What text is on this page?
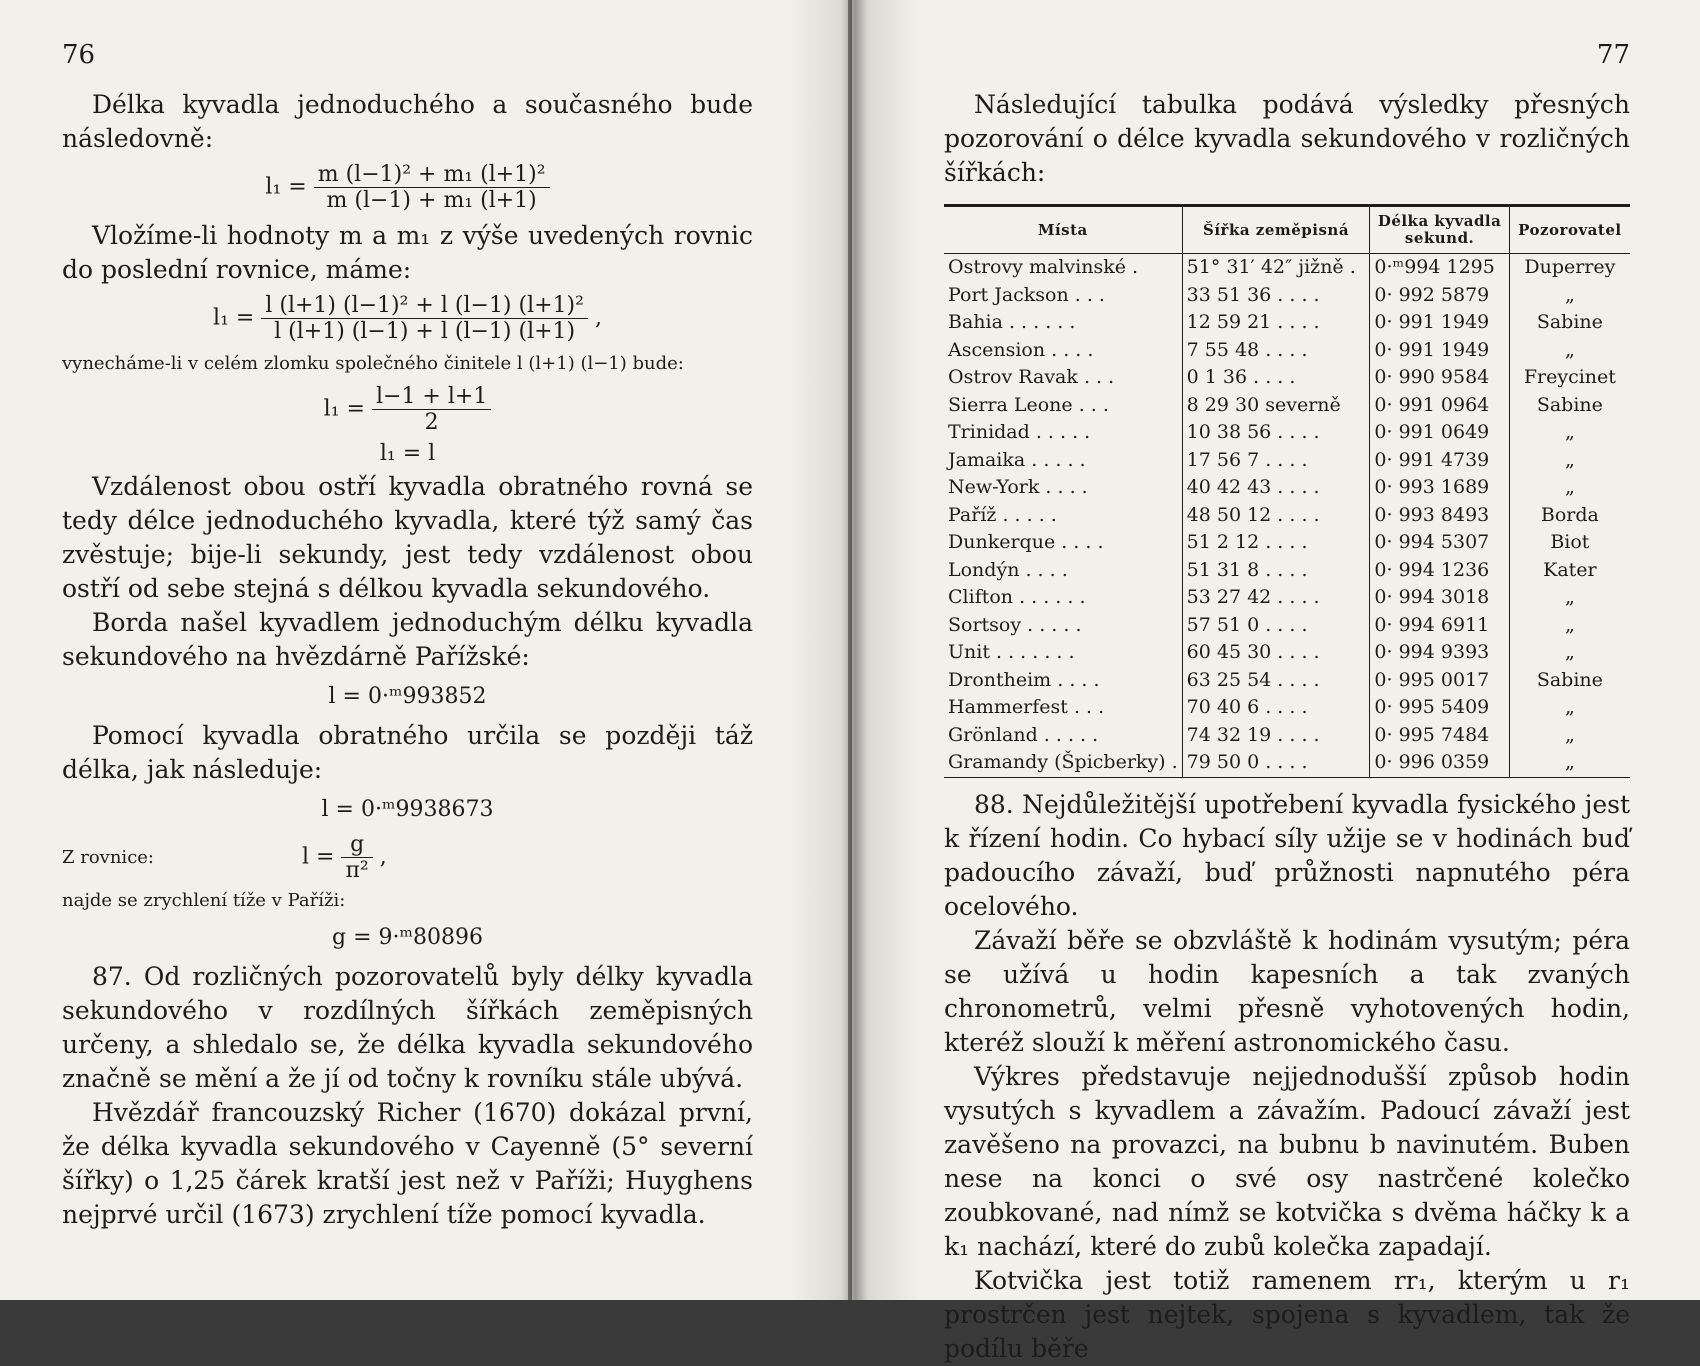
76

Délka kyvadla jednoduchého a současného bude následovně:

$l_1 = \frac{\text{m (l−1)² + m₁ (l+1)²}}{\text{m (l−1) + m₁ (l+1)}}$

Vložíme-li hodnoty m a m₁ z výše uvedených rovnic do poslední rovnice, máme:

$l_1 = \frac{\text{l (l+1) (l−1)² + l (l−1) (l+1)²}}{l (l+1) (l-1) + l (l-1) (l+1)}$ ,

vynecháme-li v celém zlomku společného činitele l (l+1) (l−1) bude:

$l_1 = \frac{l-1 + l+1}{2}$
l₁ = l

Vzdálenost obou ostří kyvadla obratného rovná se tedy délce jednoduchého kyvadla, které týž samý čas zvěstuje; bije-li sekundy, jest tedy vzdálenost obou ostří od sebe stejná s délkou kyvadla sekundového.

Borda našel kyvadlem jednoduchým délku kyvadla sekundového na hvězdárně Pařížské:

l = 0·ᵐ993852

Pomocí kyvadla obratného určila se později táž délka, jak následuje:

l = 0·ᵐ9938673
Z rovnice:	$l = \frac{g}{\text{π²}}$ ,

najde se zrychlení tíže v Paříži:

g = 9·ᵐ80896

87. Od rozličných pozorovatelů byly délky kyvadla sekundového v rozdílných šířkách zeměpisných určeny, a shledalo se, že délka kyvadla sekundového značně se mění a že jí od točny k rovníku stále ubývá.

Hvězdář francouzský Richer (1670) dokázal první, že délka kyvadla sekundového v Cayenně (5° severní šířky) o 1,25 čárek kratší jest než v Paříži; Huyghens nejprvé určil (1673) zrychlení tíže pomocí kyvadla.

77

Následující tabulka podává výsledky přesných pozorování o délce kyvadla sekundového v rozličných šířkách:

Místa	Šířka zeměpisná	Délka kyvadla sekund.	Pozorovatel
Ostrovy malvinské .	51° 31′ 42″ jižně .	0·ᵐ994 1295	Duperrey
Port Jackson . . .	33 51 36 . . . .	0· 992 5879	„
Bahia . . . . . .	12 59 21 . . . .	0· 991 1949	Sabine
Ascension . . . .	7 55 48 . . . .	0· 991 1949	„
Ostrov Ravak . . .	0 1 36 . . . .	0· 990 9584	Freycinet
Sierra Leone . . .	8 29 30 severně	0· 991 0964	Sabine
Trinidad . . . . .	10 38 56 . . . .	0· 991 0649	„
Jamaika . . . . .	17 56 7 . . . .	0· 991 4739	„
New-York . . . .	40 42 43 . . . .	0· 993 1689	„
Paříž . . . . .	48 50 12 . . . .	0· 993 8493	Borda
Dunkerque . . . .	51 2 12 . . . .	0· 994 5307	Biot
Londýn . . . .	51 31 8 . . . .	0· 994 1236	Kater
Clifton . . . . . .	53 27 42 . . . .	0· 994 3018	„
Sortsoy . . . . .	57 51 0 . . . .	0· 994 6911	„
Unit . . . . . . .	60 45 30 . . . .	0· 994 9393	„
Drontheim . . . .	63 25 54 . . . .	0· 995 0017	Sabine
Hammerfest . . .	70 40 6 . . . .	0· 995 5409	„
Grönland . . . . .	74 32 19 . . . .	0· 995 7484	„
Gramandy (Špicberky) .	79 50 0 . . . .	0· 996 0359	„

88. Nejdůležitější upotřebení kyvadla fysického jest k řízení hodin. Co hybací síly užije se v hodinách buď padoucího závaží, buď průžnosti napnutého péra ocelového.

Závaží běře se obzvláště k hodinám vysutým; péra se užívá u hodin kapesních a tak zvaných chronometrů, velmi přesně vyhotovených hodin, kteréž slouží k měření astronomického času.

Výkres představuje nejjednodušší způsob hodin vysutých s kyvadlem a závažím. Padoucí závaží jest zavěšeno na provazci, na bubnu b navinutém. Buben nese na konci o své osy nastrčené kolečko zoubkované, nad nímž se kotvička s dvěma háčky k a k₁ nachází, které do zubů kolečka zapadají.

Kotvička jest totiž ramenem rr₁, kterým u r₁ prostrčen jest nejtek, spojena s kyvadlem, tak že podílu běře
